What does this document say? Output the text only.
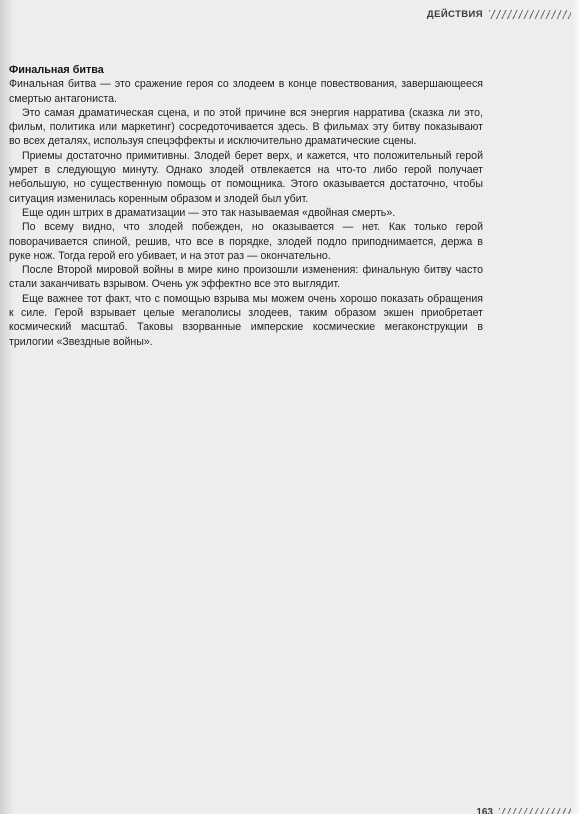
ДЕЙСТВИЯ

Финальная битва

Финальная битва — это сражение героя со злодеем в конце повествования, завершающееся смертью антагониста.

Это самая драматическая сцена, и по этой причине вся энергия нарратива (сказка ли это, фильм, политика или маркетинг) сосредоточивается здесь. В фильмах эту битву показывают во всех деталях, используя спецэффекты и исключительно драматические сцены.

Приемы достаточно примитивны. Злодей берет верх, и кажется, что положительный герой умрет в следующую минуту. Однако злодей отвлекается на что-то либо герой получает небольшую, но существенную помощь от помощника. Этого оказывается достаточно, чтобы ситуация изменилась коренным образом и злодей был убит.

Еще один штрих в драматизации — это так называемая «двойная смерть».

По всему видно, что злодей побежден, но оказывается — нет. Как только герой поворачивается спиной, решив, что все в порядке, злодей подло приподнимается, держа в руке нож. Тогда герой его убивает, и на этот раз — окончательно.

После Второй мировой войны в мире кино произошли изменения: финальную битву часто стали заканчивать взрывом. Очень уж эффектно все это выглядит.

Еще важнее тот факт, что с помощью взрыва мы можем очень хорошо показать обращения к силе. Герой взрывает целые мегаполисы злодеев, таким образом экшен приобретает космический масштаб. Таковы взорванные имперские космические мегаконструкции в трилогии «Звездные войны».

163
